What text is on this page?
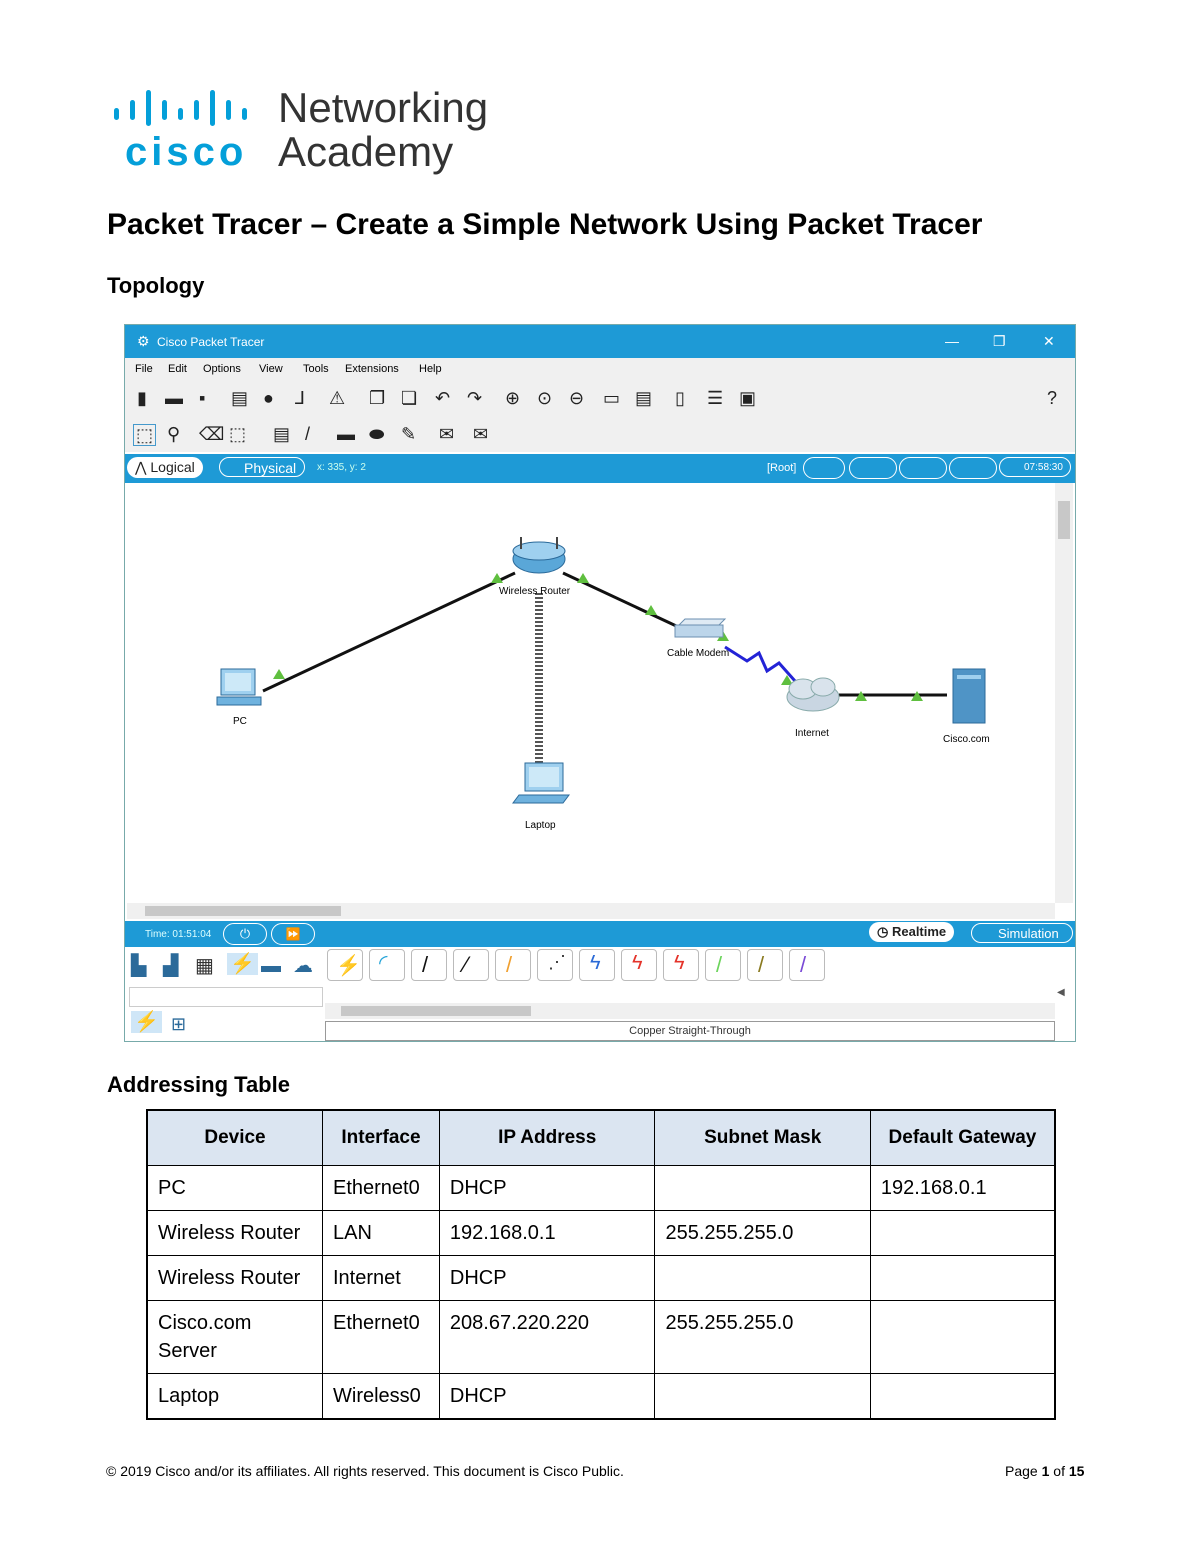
cisco
Networking
Academy
Packet Tracer – Create a Simple Network Using Packet Tracer
Topology
⚙ Cisco Packet Tracer	— ❐	✕
File Edit Options View Tools Extensions Help
▮ ▬ ▪ ▤ ● ⅃ ⚠ ❐ ❏ ↶ ↷ ⊕ ⊙ ⊖ ▭ ▤ ▯ ☰ ▣	?
⬚ ⚲ ⌫ ⬚ ▤ / ▬ ⬬ ✎ ✉ ✉
⋀ Logical	Physical	x: 335, y: 2	[Root]	07:58:30
Wireless Router
Cable Modem
PC
Internet
Cisco.com
Laptop
Time: 01:51:04	⏻	⏩	◷ Realtime	Simulation
▙ ▟ ▦ ⚡ ▬ ☁
⚡ ⊞
⚡ ◜ / ⁄ / ⋰ ϟ ϟ ϟ / / /
◀
Copper Straight-Through
Addressing Table
Device	Interface	IP Address	Subnet Mask	Default Gateway
PC	Ethernet0	DHCP		192.168.0.1
Wireless Router	LAN	192.168.0.1	255.255.255.0	
Wireless Router	Internet	DHCP		
Cisco.com Server	Ethernet0	208.67.220.220	255.255.255.0	
Laptop	Wireless0	DHCP		
© 2019 Cisco and/or its affiliates. All rights reserved. This document is Cisco Public.	Page 1 of 15
